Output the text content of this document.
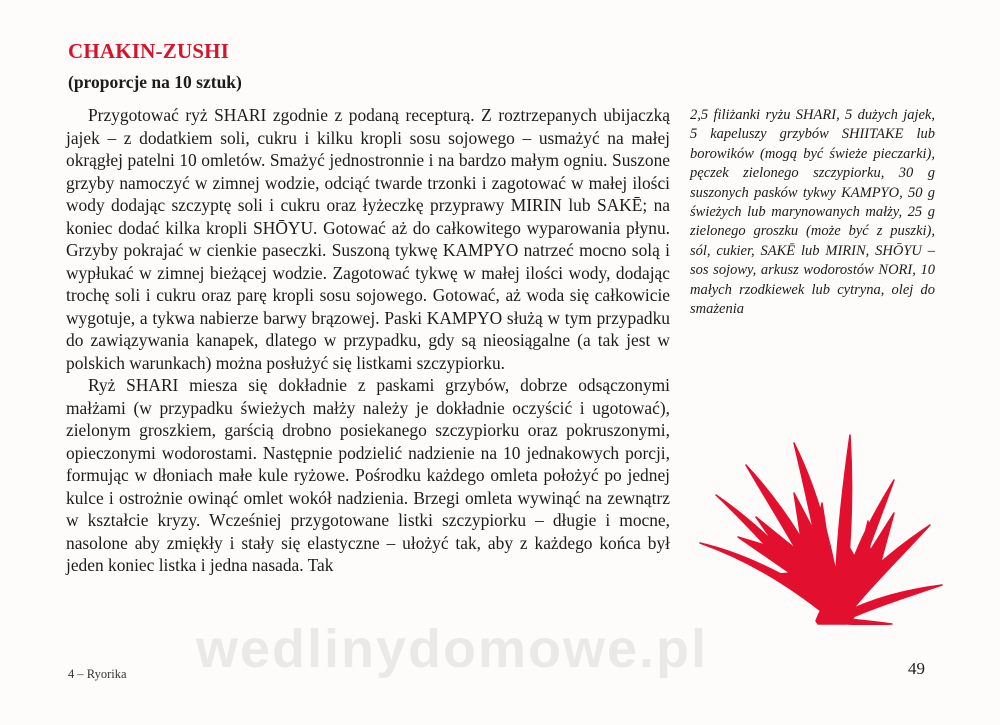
CHAKIN-ZUSHI
(proporcje na 10 sztuk)

Przygotować ryż SHARI zgodnie z podaną recepturą. Z roztrzepanych ubijaczką jajek – z dodatkiem soli, cukru i kilku kropli sosu sojowego – usmażyć na małej okrągłej patelni 10 omletów. Smażyć jednostronnie i na bardzo małym ogniu. Suszone grzyby namoczyć w zimnej wodzie, odciąć twarde trzonki i zagotować w małej ilości wody dodając szczyptę soli i cukru oraz łyżeczkę przyprawy MIRIN lub SAKĒ; na koniec dodać kilka kropli SHŌYU. Gotować aż do całkowitego wyparowania płynu. Grzyby pokrajać w cienkie paseczki. Suszoną tykwę KAMPYO natrzeć mocno solą i wypłukać w zimnej bieżącej wodzie. Zagotować tykwę w małej ilości wody, dodając trochę soli i cukru oraz parę kropli sosu sojowego. Gotować, aż woda się całkowicie wygotuje, a tykwa nabierze barwy brązowej. Paski KAMPYO służą w tym przypadku do zawiązywania kanapek, dlatego w przypadku, gdy są nieosiągalne (a tak jest w polskich warunkach) można posłużyć się listkami szczypiorku.

Ryż SHARI miesza się dokładnie z paskami grzybów, dobrze odsączonymi małżami (w przypadku świeżych małży należy je dokładnie oczyścić i ugotować), zielonym groszkiem, garścią drobno posiekanego szczypiorku oraz pokruszonymi, opieczonymi wodorostami. Następnie podzielić nadzienie na 10 jednakowych porcji, formując w dłoniach małe kule ryżowe. Pośrodku każdego omleta położyć po jednej kulce i ostrożnie owinąć omlet wokół nadzienia. Brzegi omleta wywinąć na zewnątrz w kształcie kryzy. Wcześniej przygotowane listki szczypiorku – długie i mocne, nasolone aby zmiękły i stały się elastyczne – ułożyć tak, aby z każdego końca był jeden koniec listka i jedna nasada. Tak

2,5 filiżanki ryżu SHARI, 5 dużych jajek, 5 kapeluszy grzybów SHIITAKE lub borowików (mogą być świeże pieczarki), pęczek zielonego szczypiorku, 30 g suszonych pasków tykwy KAMPYO, 50 g świeżych lub marynowanych małży, 25 g zielonego groszku (może być z puszki), sól, cukier, SAKĒ lub MIRIN, SHŌYU – sos sojowy, arkusz wodorostów NORI, 10 małych rzodkiewek lub cytryna, olej do smażenia
wedlinydomowe.pl
4 – Ryorika	49
